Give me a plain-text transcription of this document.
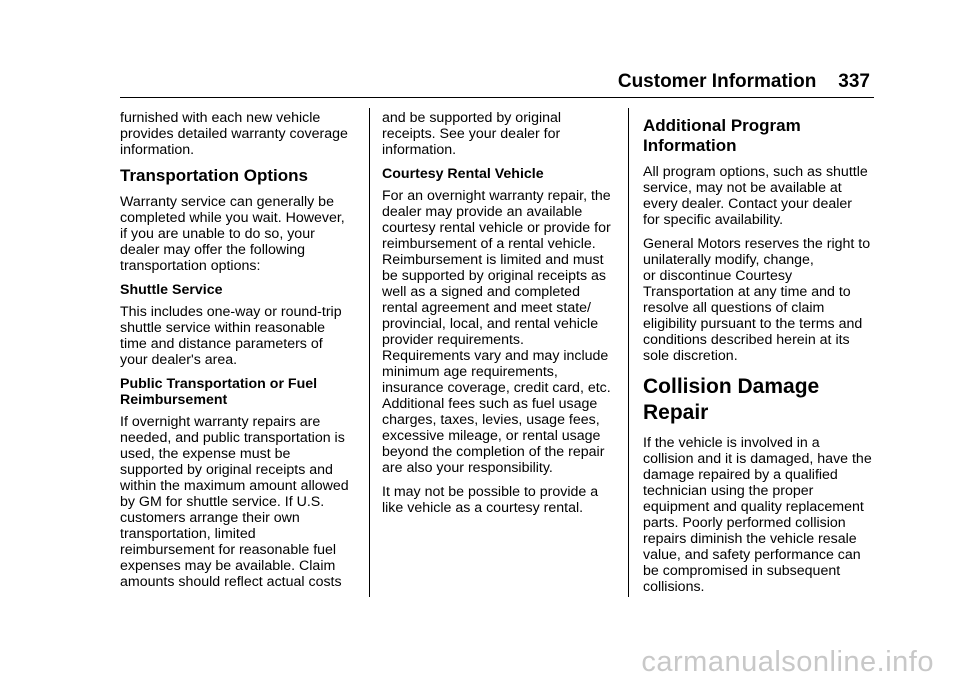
Customer Information 337

furnished with each new vehicle
provides detailed warranty coverage
information.

Transportation Options

Warranty service can generally be
completed while you wait. However,
if you are unable to do so, your
dealer may offer the following
transportation options:

Shuttle Service

This includes one-way or round-trip
shuttle service within reasonable
time and distance parameters of
your dealer's area.

Public Transportation or Fuel
Reimbursement

If overnight warranty repairs are
needed, and public transportation is
used, the expense must be
supported by original receipts and
within the maximum amount allowed
by GM for shuttle service. If U.S.
customers arrange their own
transportation, limited
reimbursement for reasonable fuel
expenses may be available. Claim
amounts should reflect actual costs

and be supported by original
receipts. See your dealer for
information.

Courtesy Rental Vehicle

For an overnight warranty repair, the
dealer may provide an available
courtesy rental vehicle or provide for
reimbursement of a rental vehicle.
Reimbursement is limited and must
be supported by original receipts as
well as a signed and completed
rental agreement and meet state/
provincial, local, and rental vehicle
provider requirements.
Requirements vary and may include
minimum age requirements,
insurance coverage, credit card, etc.
Additional fees such as fuel usage
charges, taxes, levies, usage fees,
excessive mileage, or rental usage
beyond the completion of the repair
are also your responsibility.

It may not be possible to provide a
like vehicle as a courtesy rental.

Additional Program
Information

All program options, such as shuttle
service, may not be available at
every dealer. Contact your dealer
for specific availability.

General Motors reserves the right to
unilaterally modify, change,
or discontinue Courtesy
Transportation at any time and to
resolve all questions of claim
eligibility pursuant to the terms and
conditions described herein at its
sole discretion.

Collision Damage Repair

If the vehicle is involved in a
collision and it is damaged, have the
damage repaired by a qualified
technician using the proper
equipment and quality replacement
parts. Poorly performed collision
repairs diminish the vehicle resale
value, and safety performance can
be compromised in subsequent
collisions.

carmanualsonline.info
